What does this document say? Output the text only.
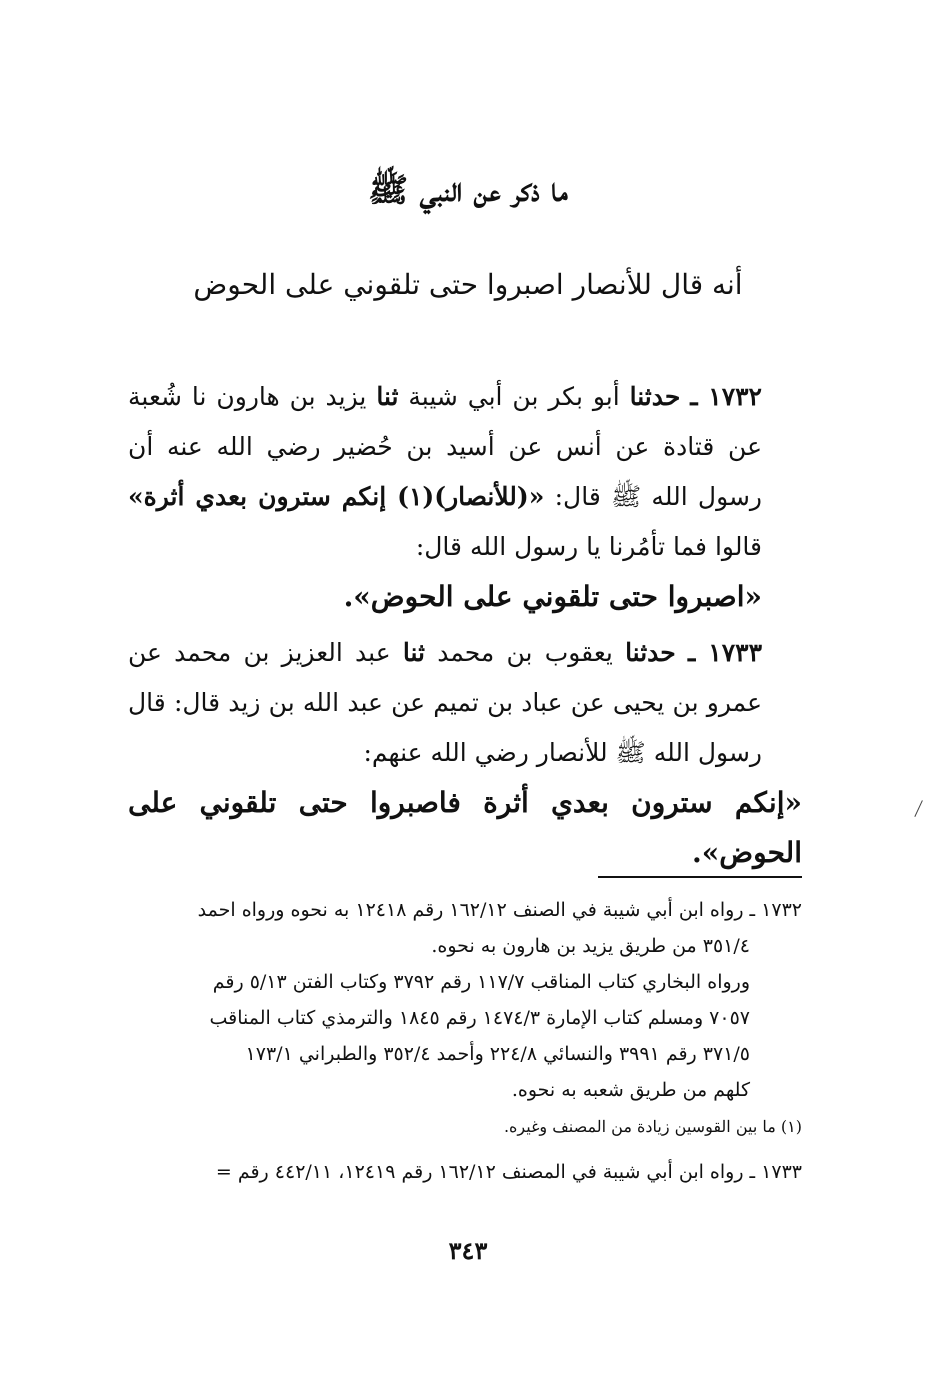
ما ذكر عن النبي ﷺ
أنه قال للأنصار اصبروا حتى تلقوني على الحوض

١٧٣٢ ـ حدثنا أبو بكر بن أبي شيبة ثنا يزيد بن هارون نا شُعبة عن قتادة عن أنس عن أسيد بن حُضير رضي الله عنه أن رسول الله ﷺ قال: «(للأنصار)(١) إنكم سترون بعدي أثرة» قالوا فما تأمُرنا يا رسول الله قال:

«اصبروا حتى تلقوني على الحوض».

١٧٣٣ ـ حدثنا يعقوب بن محمد ثنا عبد العزيز بن محمد عن عمرو بن يحيى عن عباد بن تميم عن عبد الله بن زيد قال: قال رسول الله ﷺ للأنصار رضي الله عنهم:

«إنكم سترون بعدي أثرة فاصبروا حتى تلقوني على الحوض».

١٧٣٢ ـ رواه ابن أبي شيبة في الصنف ١٦٢/١٢ رقم ١٢٤١٨ به نحوه ورواه احمد

٣٥١/٤ من طريق يزيد بن هارون به نحوه.

ورواه البخاري كتاب المناقب ١١٧/٧ رقم ٣٧٩٢ وكتاب الفتن ٥/١٣ رقم

٧٠٥٧ ومسلم كتاب الإمارة ١٤٧٤/٣ رقم ١٨٤٥ والترمذي كتاب المناقب

٣٧١/٥ رقم ٣٩٩١ والنسائي ٢٢٤/٨ وأحمد ٣٥٢/٤ والطبراني ١٧٣/١

كلهم من طريق شعبه به نحوه.

(١) ما بين القوسين زيادة من المصنف وغيره.

١٧٣٣ ـ رواه ابن أبي شيبة في المصنف ١٦٢/١٢ رقم ١٢٤١٩، ٤٤٢/١١ رقم =

٣٤٣
